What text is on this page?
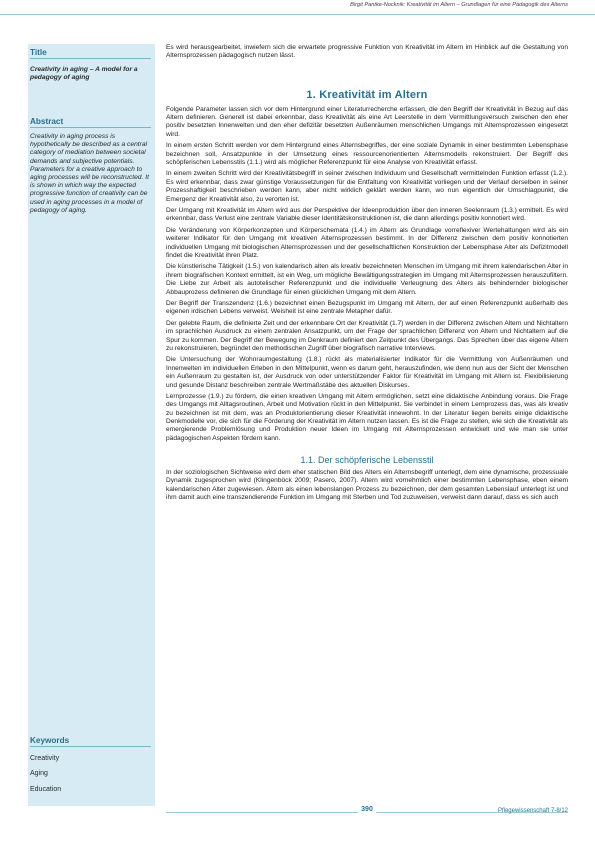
Birgit Pantke-Nocknik: Kreativität im Altern – Grundlagen für eine Pädagogik des Alterns
Title
Creativity in aging – A model for a pedagogy of aging
Abstract
Creativity in aging process is hypothetically be described as a central category of mediation between societal demands and subjective potentials. Parameters for a creative approach to aging processes will be reconstructed. It is shown in which way the expected progressive function of creativity can be used in aging processes in a model of pedagogy of aging.
Keywords
Creativity
Aging
Education

Es wird herausgearbeitet, inwiefern sich die erwartete progressive Funktion von Kreativität im Altern im Hinblick auf die Gestaltung von Alternsprozessen pädagogisch nutzen lässt.

1. Kreativität im Altern

Folgende Parameter lassen sich vor dem Hintergrund einer Literaturrecherche erfassen, die den Begriff der Kreativität in Bezug auf das Altern definieren. Generell ist dabei erkennbar, dass Kreativität als eine Art Leerstelle in dem Vermittlungsversuch zwischen den eher positiv besetzten Innenwelten und den eher defizitär besetzten Außenräumen menschlichen Umgangs mit Alternsprozessen eingesetzt wird.

In einem ersten Schritt werden vor dem Hintergrund eines Alternsbegriffes, der eine soziale Dynamik in einer bestimmten Lebensphase bezeichnen soll, Ansatzpunkte in der Umsetzung eines ressourcenorientierten Alternsmodells rekonstruiert. Der Begriff des schöpferischen Lebensstils (1.1.) wird als möglicher Referenzpunkt für eine Analyse von Kreativität erfasst.

In einem zweiten Schritt wird der Kreativitätsbegriff in seiner zwischen Individuum und Gesellschaft vermittelnden Funktion erfasst (1.2.). Es wird erkennbar, dass zwar günstige Voraussetzungen für die Entfaltung von Kreativität vorliegen und der Verlauf derselben in seiner Prozesshaftigkeit beschrieben werden kann, aber nicht wirklich geklärt werden kann, wo nun eigentlich der Umschlagpunkt, die Emergenz der Kreativität also, zu verorten ist.

Der Umgang mit Kreativität im Altern wird aus der Perspektive der Ideenproduktion über den inneren Seelenraum (1.3.) ermittelt. Es wird erkennbar, dass Verlust eine zentrale Variable dieser Identitätskonstruktionen ist, die dann allerdings positiv konnotiert wird.

Die Veränderung von Körperkonzepten und Körperschemata (1.4.) im Altern als Grundlage vorreflexiver Wertehaltungen wird als ein weiterer Indikator für den Umgang mit kreativen Alternsprozessen bestimmt. In der Differenz zwischen dem positiv konnotierten individuellen Umgang mit biologischen Alternsprozessen und der gesellschaftlichen Konstruktion der Lebensphase Alter als Defizitmodell findet die Kreativität ihren Platz.

Die künstlerische Tätigkeit (1.5.) von kalendarisch alten als kreativ bezeichneten Menschen im Umgang mit ihrem kalendarischen Alter in ihrem biografischen Kontext ermittelt, ist ein Weg, um mögliche Bewältigungsstrategien im Umgang mit Alternsprozessen herauszufiltern. Die Liebe zur Arbeit als autotelischer Referenzpunkt und die individuelle Verleugnung des Alters als behindernder biologischer Abbauprozess definieren die Grundlage für einen glücklichen Umgang mit dem Altern.

Der Begriff der Transzendenz (1.6.) bezeichnet einen Bezugspunkt im Umgang mit Altern, der auf einen Referenzpunkt außerhalb des eigenen irdischen Lebens verweist. Weisheit ist eine zentrale Metapher dafür.

Der gelebte Raum, die definierte Zeit und der erkennbare Ort der Kreativität (1.7) werden in der Differenz zwischen Altern und Nichtaltern im sprachlichen Ausdruck zu einem zentralen Ansatzpunkt, um der Frage der sprachlichen Differenz von Altern und Nichtaltern auf die Spur zu kommen. Der Begriff der Bewegung im Denkraum definiert den Zeitpunkt des Übergangs. Das Sprechen über das eigene Altern zu rekonstruieren, begründet den methodischen Zugriff über biografisch narrative Interviews.

Die Untersuchung der Wohnraumgestaltung (1.8.) rückt als materialisierter Indikator für die Vermittlung von Außenräumen und Innenwelten im individuellen Erleben in den Mittelpunkt, wenn es darum geht, herauszufinden, wie denn nun aus der Sicht der Menschen ein Außenraum zu gestalten ist, der Ausdruck von oder unterstützender Faktor für Kreativität im Umgang mit Altern ist. Flexibilisierung und gesunde Distanz beschreiben zentrale Wertmaßstäbe des aktuellen Diskurses.

Lernprozesse (1.9.) zu fördern, die einen kreativen Umgang mit Altern ermöglichen, setzt eine didaktische Anbindung voraus. Die Frage des Umgangs mit Alltagsroutinen, Arbeit und Motivation rückt in den Mittelpunkt. Sie verbindet in einem Lernprozess das, was als kreativ zu bezeichnen ist mit dem, was an Produktorientierung dieser Kreativität innewohnt. In der Literatur liegen bereits einige didaktische Denkmodelle vor, die sich für die Förderung der Kreativität im Altern nutzen lassen. Es ist die Frage zu stellen, wie sich die Kreativität als emergierende Problemlösung und Produktion neuer Ideen im Umgang mit Alternsprozessen entwickelt und wie man sie unter pädagogischen Aspekten fördern kann.

1.1. Der schöpferische Lebensstil

In der soziologischen Sichtweise wird dem eher statischen Bild des Alters ein Alternsbegriff unterlegt, dem eine dynamische, prozessuale Dynamik zugesprochen wird (Klingenböck 2009; Pasero, 2007). Altern wird vornehmlich einer bestimmten Lebensphase, eben einem kalendarischen Alter zugewiesen. Altern als einen lebenslangen Prozess zu bezeichnen, der dem gesamten Lebenslauf unterlegt ist und ihm damit auch eine transzendierende Funktion im Umgang mit Sterben und Tod zuzuweisen, verweist dann darauf, dass es sich auch

390	Pflegewissenschaft 7-8/12
